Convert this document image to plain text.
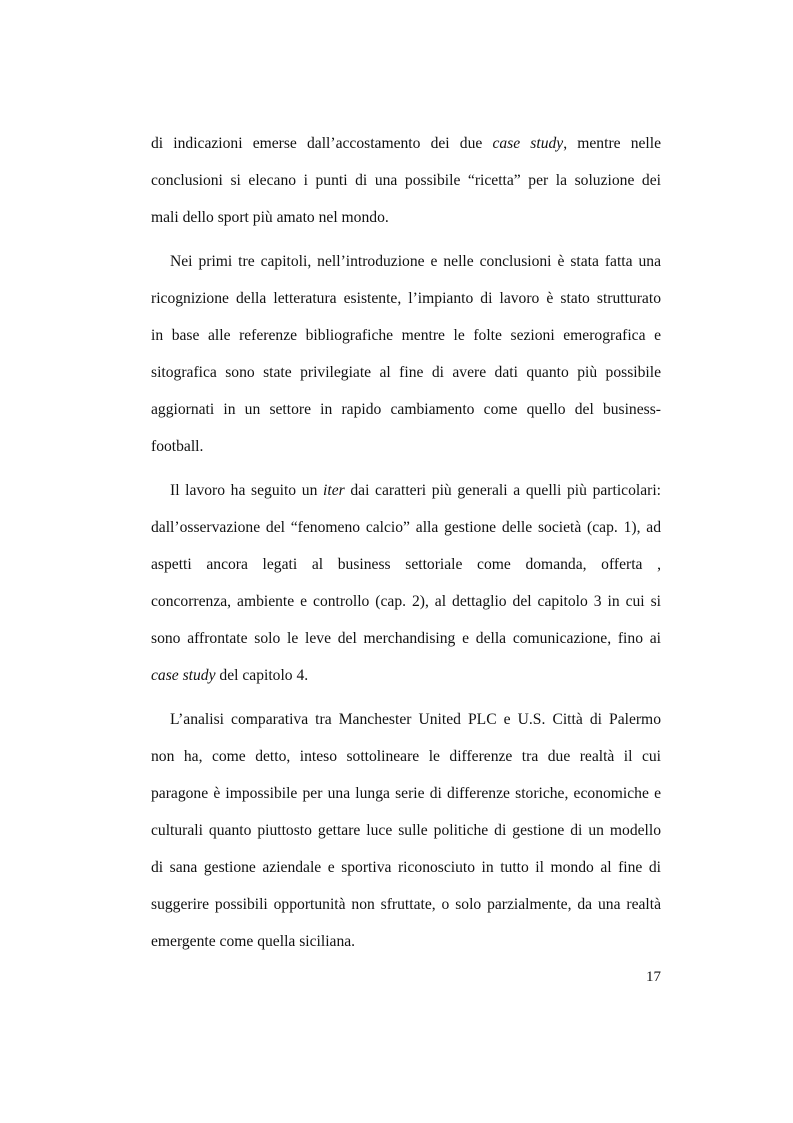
di indicazioni emerse dall’accostamento dei due case study, mentre nelle
conclusioni si elecano i punti di una possibile “ricetta” per la soluzione dei
mali dello sport più amato nel mondo.
Nei primi tre capitoli, nell’introduzione e nelle conclusioni è stata fatta una
ricognizione della letteratura esistente, l’impianto di lavoro è stato strutturato
in base alle referenze bibliografiche mentre le folte sezioni emerografica e
sitografica sono state privilegiate al fine di avere dati quanto più possibile
aggiornati in un settore in rapido cambiamento come quello del business-
football.
Il lavoro ha seguito un iter dai caratteri più generali a quelli più particolari:
dall’osservazione del “fenomeno calcio” alla gestione delle società (cap. 1), ad
aspetti ancora legati al business settoriale come domanda, offerta ,
concorrenza, ambiente e controllo (cap. 2), al dettaglio del capitolo 3 in cui si
sono affrontate solo le leve del merchandising e della comunicazione, fino ai
case study del capitolo 4.
L’analisi comparativa tra Manchester United PLC e U.S. Città di Palermo
non ha, come detto, inteso sottolineare le differenze tra due realtà il cui
paragone è impossibile per una lunga serie di differenze storiche, economiche e
culturali quanto piuttosto gettare luce sulle politiche di gestione di un modello
di sana gestione aziendale e sportiva riconosciuto in tutto il mondo al fine di
suggerire possibili opportunità non sfruttate, o solo parzialmente, da una realtà
emergente come quella siciliana.
17
